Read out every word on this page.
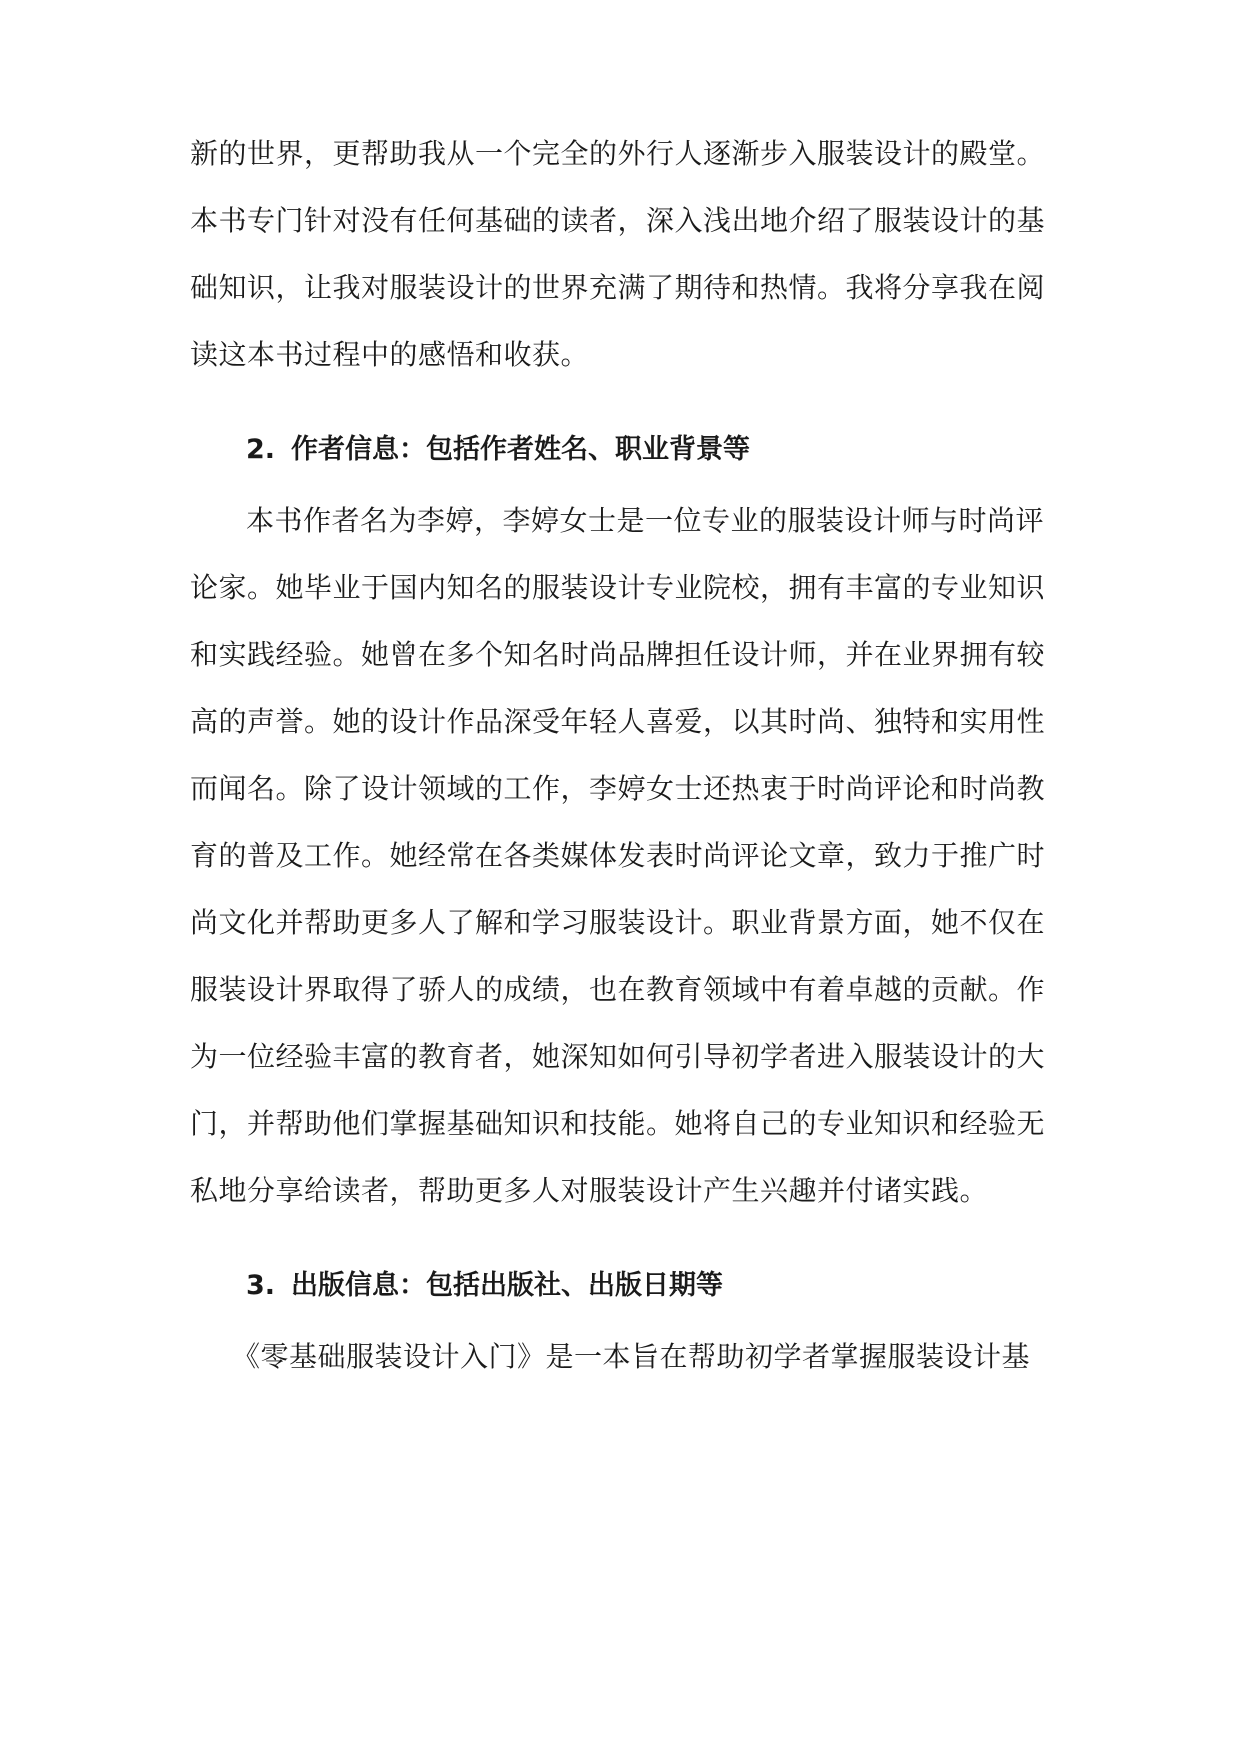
新的世界，更帮助我从一个完全的外行人逐渐步入服装设计的殿堂。
本书专门针对没有任何基础的读者，深入浅出地介绍了服装设计的基
础知识，让我对服装设计的世界充满了期待和热情。我将分享我在阅
读这本书过程中的感悟和收获。
2. 作者信息：包括作者姓名、职业背景等
本书作者名为李婷，李婷女士是一位专业的服装设计师与时尚评
论家。她毕业于国内知名的服装设计专业院校，拥有丰富的专业知识
和实践经验。她曾在多个知名时尚品牌担任设计师，并在业界拥有较
高的声誉。她的设计作品深受年轻人喜爱，以其时尚、独特和实用性
而闻名。除了设计领域的工作，李婷女士还热衷于时尚评论和时尚教
育的普及工作。她经常在各类媒体发表时尚评论文章，致力于推广时
尚文化并帮助更多人了解和学习服装设计。职业背景方面，她不仅在
服装设计界取得了骄人的成绩，也在教育领域中有着卓越的贡献。作
为一位经验丰富的教育者，她深知如何引导初学者进入服装设计的大
门，并帮助他们掌握基础知识和技能。她将自己的专业知识和经验无
私地分享给读者，帮助更多人对服装设计产生兴趣并付诸实践。
3. 出版信息：包括出版社、出版日期等
《零基础服装设计入门》是一本旨在帮助初学者掌握服装设计基
